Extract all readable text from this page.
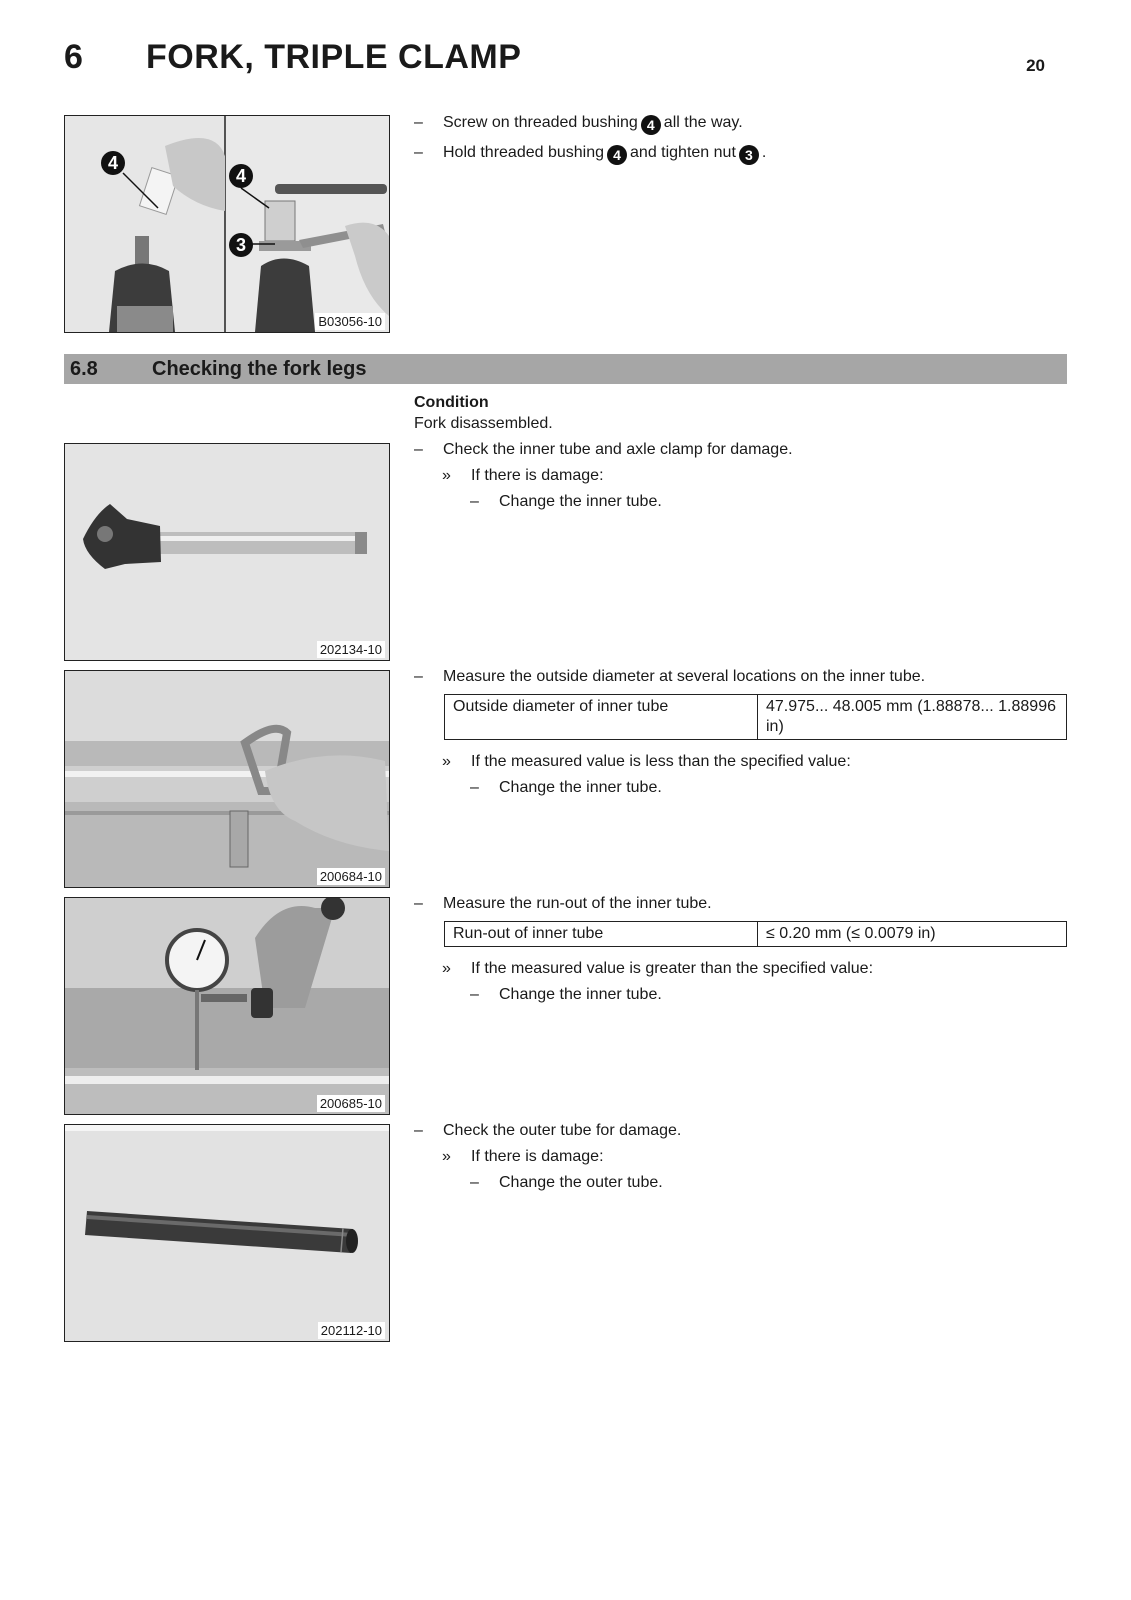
6 FORK, TRIPLE CLAMP	20
4
4
3
B03056-10
–	Screw on threaded bushing 4 all the way.
–	Hold threaded bushing 4 and tighten nut 3 .
6.8	Checking the fork legs
Condition
Fork disassembled.
202134-10
–	Check the inner tube and axle clamp for damage.
» If there is damage:
– Change the inner tube.
200684-10
–	Measure the outside diameter at several locations on the inner tube.
Outside diameter of inner tube	47.975... 48.005 mm (1.88878... 1.88996 in)
» If the measured value is less than the specified value:
– Change the inner tube.
200685-10
–	Measure the run-out of the inner tube.
Run-out of inner tube	≤ 0.20 mm (≤ 0.0079 in)
» If the measured value is greater than the specified value:
– Change the inner tube.
202112-10
–	Check the outer tube for damage.
» If there is damage:
– Change the outer tube.
